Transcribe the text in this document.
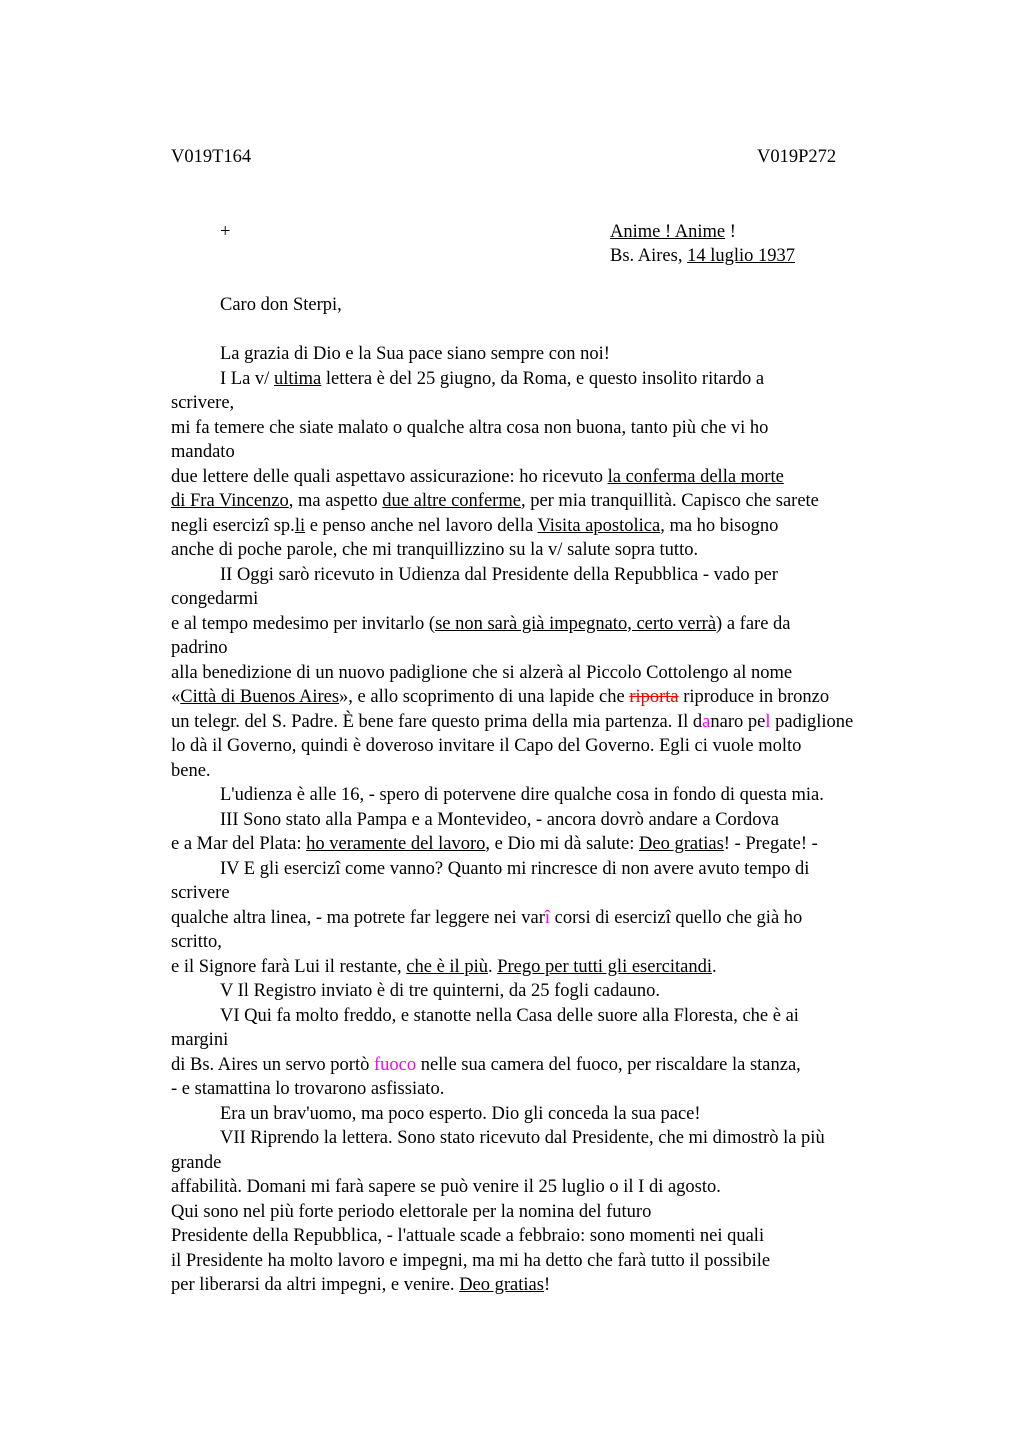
V019T164	V019P272
+	Anime ! Anime !
Bs. Aires, 14 luglio 1937
Caro don Sterpi,
La grazia di Dio e la Sua pace siano sempre con noi!
I La v/ ultima lettera è del 25 giugno, da Roma, e questo insolito ritardo a
scrivere,
mi fa temere che siate malato o qualche altra cosa non buona, tanto più che vi ho
mandato
due lettere delle quali aspettavo assicurazione: ho ricevuto la conferma della morte
di Fra Vincenzo, ma aspetto due altre conferme, per mia tranquillità. Capisco che sarete
negli esercizi sp.li e penso anche nel lavoro della Visita apostolica, ma ho bisogno
anche di poche parole, che mi tranquillizzino su la v/ salute sopra tutto.
II Oggi sarò ricevuto in Udienza dal Presidente della Repubblica - vado per
congedarmi
e al tempo medesimo per invitarlo (se non sarà già impegnato, certo verrà) a fare da
padrino
alla benedizione di un nuovo padiglione che si alzerà al Piccolo Cottolengo al nome
«Città di Buenos Aires», e allo scoprimento di una lapide che riporta riproduce in bronzo
un telegr. del S. Padre. È bene fare questo prima della mia partenza. Il danaro pel padiglione
lo dà il Governo, quindi è doveroso invitare il Capo del Governo. Egli ci vuole molto
bene.
L'udienza è alle 16, - spero di potervene dire qualche cosa in fondo di questa mia.
III Sono stato alla Pampa e a Montevideo, - ancora dovrò andare a Cordova
e a Mar del Plata: ho veramente del lavoro, e Dio mi dà salute: Deo gratias! - Pregate! -
IV E gli esercizi come vanno? Quanto mi rincresce di non avere avuto tempo di
scrivere
qualche altra linea, - ma potrete far leggere nei varî corsi di esercizi quello che già ho
scritto,
e il Signore farà Lui il restante, che è il più. Prego per tutti gli esercitandi.
V Il Registro inviato è di tre quinterni, da 25 fogli cadauno.
VI Qui fa molto freddo, e stanotte nella Casa delle suore alla Floresta, che è ai
margini
di Bs. Aires un servo portò fuoco nelle sua camera del fuoco, per riscaldare la stanza,
- e stamattina lo trovarono asfissiato.
Era un brav'uomo, ma poco esperto. Dio gli conceda la sua pace!
VII Riprendo la lettera. Sono stato ricevuto dal Presidente, che mi dimostrò la più
grande
affabilità. Domani mi farà sapere se può venire il 25 luglio o il I di agosto.
Qui sono nel più forte periodo elettorale per la nomina del futuro
Presidente della Repubblica, - l'attuale scade a febbraio: sono momenti nei quali
il Presidente ha molto lavoro e impegni, ma mi ha detto che farà tutto il possibile
per liberarsi da altri impegni, e venire. Deo gratias!
